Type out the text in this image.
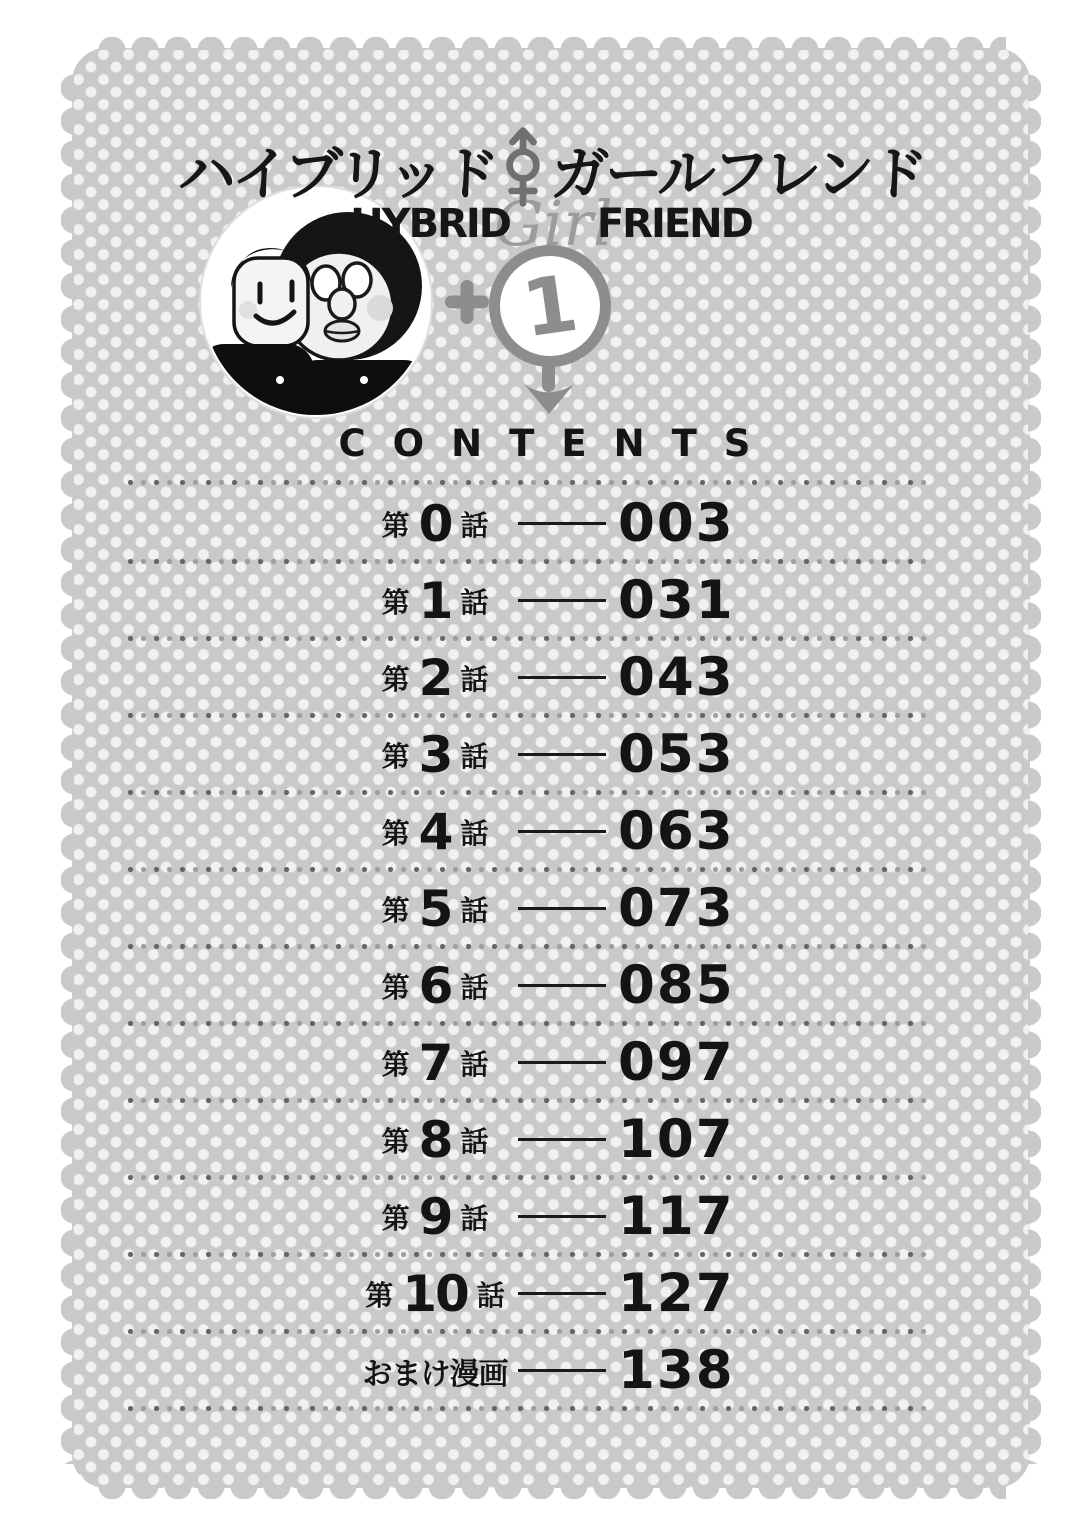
ハイブリッド ガールフレンド
HYBRIDGirlFRIEND
1
CONTENTS
第 0 話 003
第 1 話 031
第 2 話 043
第 3 話 053
第 4 話 063
第 5 話 073
第 6 話 085
第 7 話 097
第 8 話 107
第 9 話 117
第 10 話 127
おまけ漫画 138
